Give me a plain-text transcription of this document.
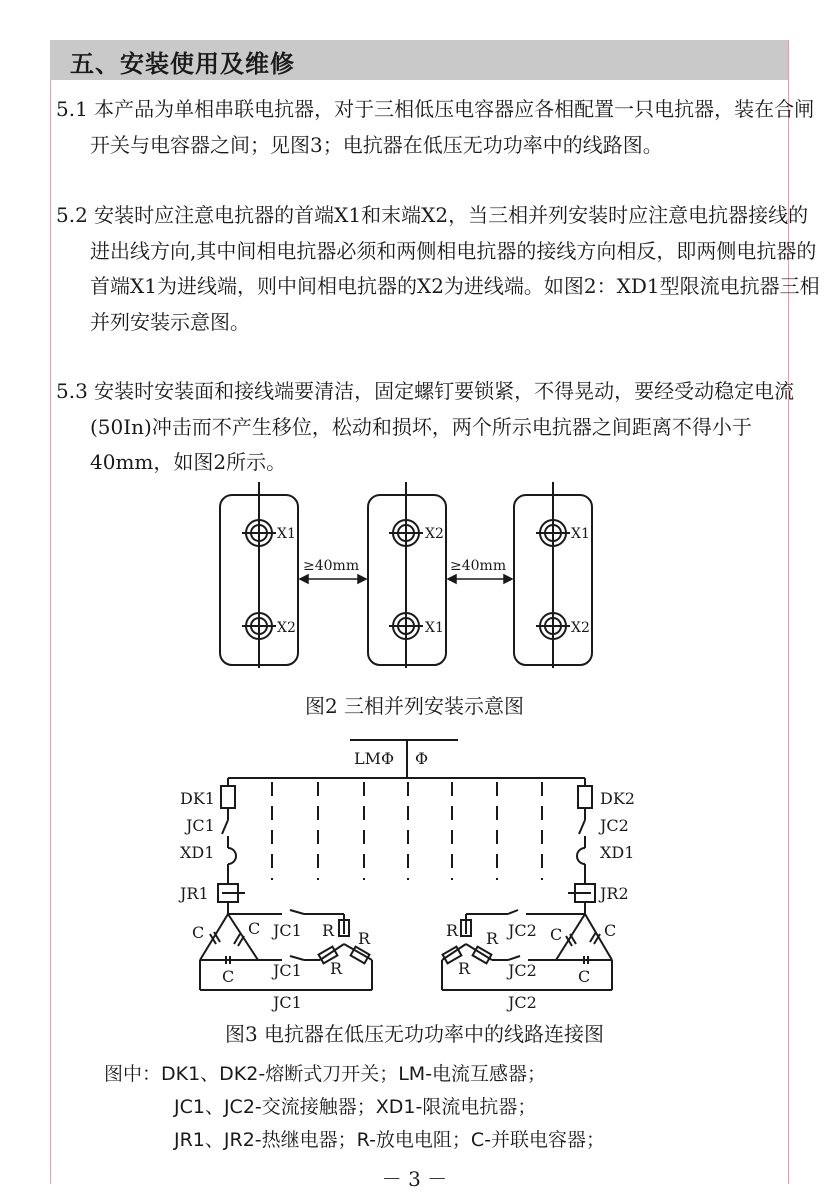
五、安装使用及维修
5.1 本产品为单相串联电抗器，对于三相低压电容器应各相配置一只电抗器，装在合闸开关与电容器之间；见图3；电抗器在低压无功功率中的线路图。
5.2 安装时应注意电抗器的首端X1和末端X2，当三相并列安装时应注意电抗器接线的进出线方向,其中间相电抗器必须和两侧相电抗器的接线方向相反，即两侧电抗器的首端X1为进线端，则中间相电抗器的X2为进线端。如图2：XD1型限流电抗器三相并列安装示意图。
5.3 安装时安装面和接线端要清洁，固定螺钉要锁紧，不得晃动，要经受动稳定电流(50In)冲击而不产生移位，松动和损坏，两个所示电抗器之间距离不得小于40mm，如图2所示。
X1
X2
X2
X1
X1
X2
≥40mm	≥40mm
图2 三相并列安装示意图
LMΦ Φ
DK1
JC1
XD1
JR1
C	C
C
JC1
JC1
JC1
R R
R
DK2
JC2
XD1
JR2
C
C
C
JC2
JC2
JC2
R R
R
图3 电抗器在低压无功功率中的线路连接图
图中：DK1、DK2-熔断式刀开关；LM-电流互感器；
JC1、JC2-交流接触器；XD1-限流电抗器；
JR1、JR2-热继电器；R-放电电阻；C-并联电容器；
－ 3 －
